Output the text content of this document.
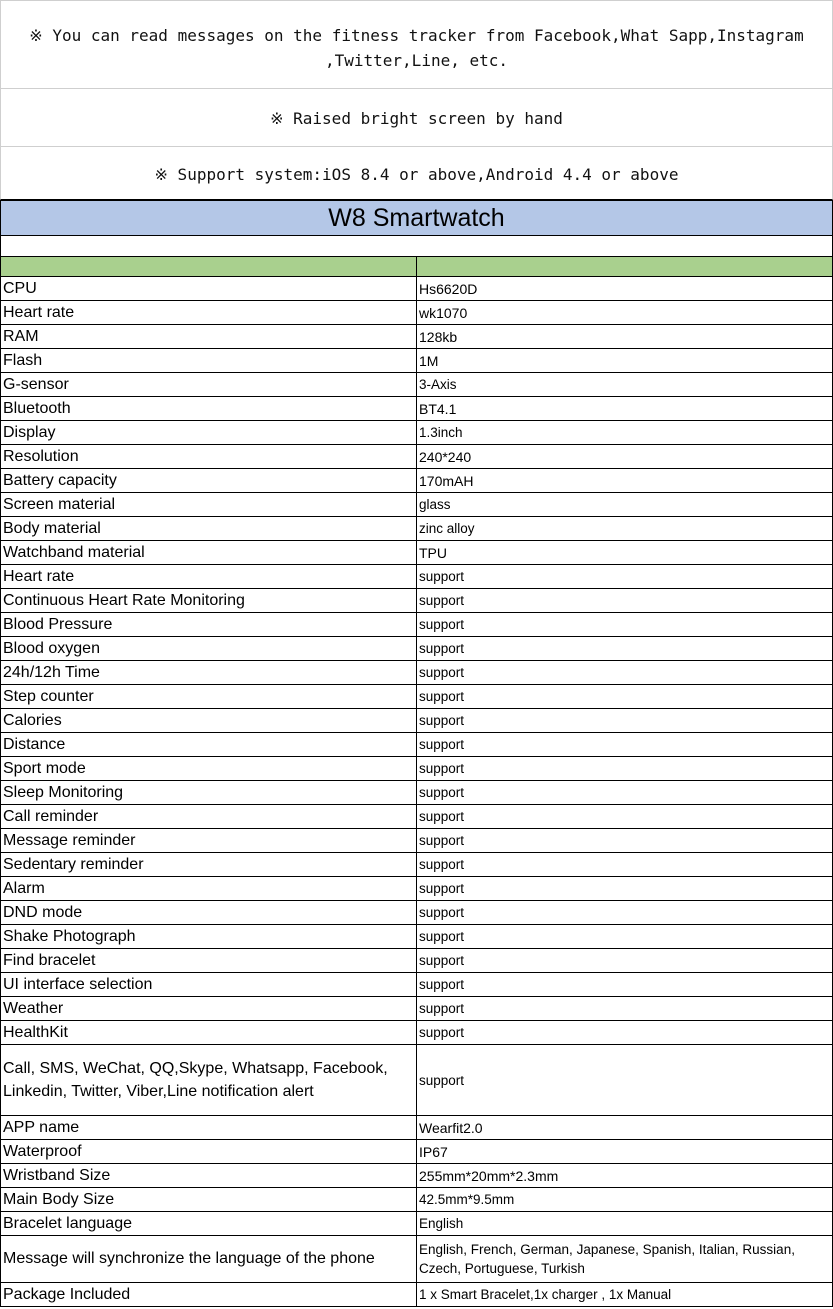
※ You can read messages on the fitness tracker from Facebook,What Sapp,Instagram
,Twitter,Line, etc.
※ Raised bright screen by hand
※ Support system:iOS 8.4 or above,Android 4.4 or above
W8 Smartwatch	

CPU	Hs6620D
Heart rate	wk1070
RAM	128kb
Flash	1M
G-sensor	3-Axis
Bluetooth	BT4.1
Display	1.3inch
Resolution	240*240
Battery capacity	170mAH
Screen material	glass
Body material	zinc alloy
Watchband material	TPU
Heart rate	support
Continuous Heart Rate Monitoring	support
Blood Pressure	support
Blood oxygen	support
24h/12h Time	support
Step counter	support
Calories	support
Distance	support
Sport mode	support
Sleep Monitoring	support
Call reminder	support
Message reminder	support
Sedentary reminder	support
Alarm	support
DND mode	support
Shake Photograph	support
Find bracelet	support
UI interface selection	support
Weather	support
HealthKit	support
Call, SMS, WeChat, QQ,Skype, Whatsapp, Facebook, Linkedin, Twitter, Viber,Line notification alert	support
APP name	Wearfit2.0
Waterproof	IP67
Wristband Size	255mm*20mm*2.3mm
Main Body Size	42.5mm*9.5mm
Bracelet language	English
Message will synchronize the language of the phone	English, French, German, Japanese, Spanish, Italian, Russian, Czech, Portuguese, Turkish
Package Included	1 x Smart Bracelet,1x charger , 1x Manual
